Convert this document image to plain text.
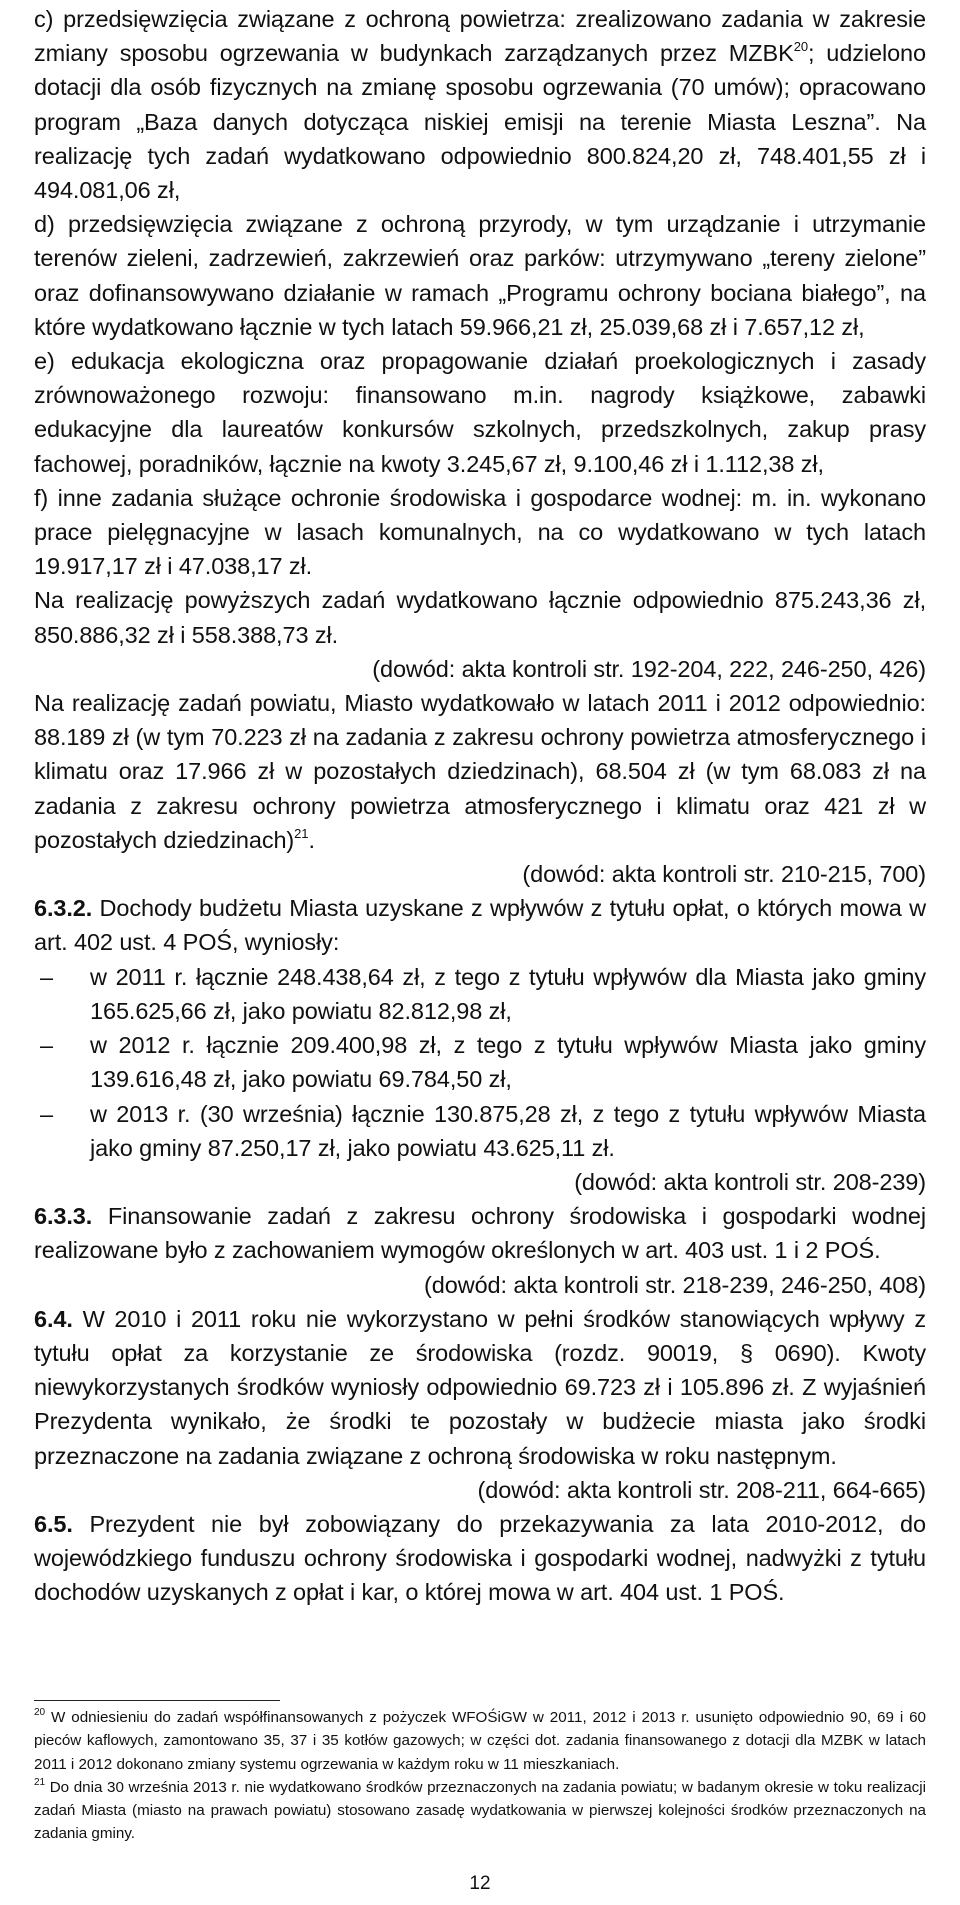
c) przedsięwzięcia związane z ochroną powietrza: zrealizowano zadania w zakresie zmiany sposobu ogrzewania w budynkach zarządzanych przez MZBK$^{20}$; udzielono dotacji dla osób fizycznych na zmianę sposobu ogrzewania (70 umów); opracowano program „Baza danych dotycząca niskiej emisji na terenie Miasta Leszna”. Na realizację tych zadań wydatkowano odpowiednio 800.824,20 zł, 748.401,55 zł i 494.081,06 zł,

d) przedsięwzięcia związane z ochroną przyrody, w tym urządzanie i utrzymanie terenów zieleni, zadrzewień, zakrzewień oraz parków: utrzymywano „tereny zielone” oraz dofinansowywano działanie w ramach „Programu ochrony bociana białego”, na które wydatkowano łącznie w tych latach 59.966,21 zł, 25.039,68 zł i 7.657,12 zł,

e) edukacja ekologiczna oraz propagowanie działań proekologicznych i zasady zrównoważonego rozwoju: finansowano m.in. nagrody książkowe, zabawki edukacyjne dla laureatów konkursów szkolnych, przedszkolnych, zakup prasy fachowej, poradników, łącznie na kwoty 3.245,67 zł, 9.100,46 zł i 1.112,38 zł,

f) inne zadania służące ochronie środowiska i gospodarce wodnej: m. in. wykonano prace pielęgnacyjne w lasach komunalnych, na co wydatkowano w tych latach 19.917,17 zł i 47.038,17 zł.

Na realizację powyższych zadań wydatkowano łącznie odpowiednio 875.243,36 zł, 850.886,32 zł i 558.388,73 zł.

(dowód: akta kontroli str. 192-204, 222, 246-250, 426)

Na realizację zadań powiatu, Miasto wydatkowało w latach 2011 i 2012 odpowiednio: 88.189 zł (w tym 70.223 zł na zadania z zakresu ochrony powietrza atmosferycznego i klimatu oraz 17.966 zł w pozostałych dziedzinach), 68.504 zł (w tym 68.083 zł na zadania z zakresu ochrony powietrza atmosferycznego i klimatu oraz 421 zł w pozostałych dziedzinach)$^{21}$.

(dowód: akta kontroli str. 210-215, 700)

6.3.2. Dochody budżetu Miasta uzyskane z wpływów z tytułu opłat, o których mowa w art. 402 ust. 4 POŚ, wyniosły:

–	w 2011 r. łącznie 248.438,64 zł, z tego z tytułu wpływów dla Miasta jako gminy 165.625,66 zł, jako powiatu 82.812,98 zł,
–	w 2012 r. łącznie 209.400,98 zł, z tego z tytułu wpływów Miasta jako gminy 139.616,48 zł, jako powiatu 69.784,50 zł,
–	w 2013 r. (30 września) łącznie 130.875,28 zł, z tego z tytułu wpływów Miasta jako gminy 87.250,17 zł, jako powiatu 43.625,11 zł.

(dowód: akta kontroli str. 208-239)

6.3.3. Finansowanie zadań z zakresu ochrony środowiska i gospodarki wodnej realizowane było z zachowaniem wymogów określonych w art. 403 ust. 1 i 2 POŚ.

(dowód: akta kontroli str. 218-239, 246-250, 408)

6.4. W 2010 i 2011 roku nie wykorzystano w pełni środków stanowiących wpływy z tytułu opłat za korzystanie ze środowiska (rozdz. 90019, § 0690). Kwoty niewykorzystanych środków wyniosły odpowiednio 69.723 zł i 105.896 zł. Z wyjaśnień Prezydenta wynikało, że środki te pozostały w budżecie miasta jako środki przeznaczone na zadania związane z ochroną środowiska w roku następnym.

(dowód: akta kontroli str. 208-211, 664-665)

6.5. Prezydent nie był zobowiązany do przekazywania za lata 2010-2012, do wojewódzkiego funduszu ochrony środowiska i gospodarki wodnej, nadwyżki z tytułu dochodów uzyskanych z opłat i kar, o której mowa w art. 404 ust. 1 POŚ.

$^{20}$ W odniesieniu do zadań współfinansowanych z pożyczek WFOŚiGW w 2011, 2012 i 2013 r. usunięto odpowiednio 90, 69 i 60 pieców kaflowych, zamontowano 35, 37 i 35 kotłów gazowych; w części dot. zadania finansowanego z dotacji dla MZBK w latach 2011 i 2012 dokonano zmiany systemu ogrzewania w każdym roku w 11 mieszkaniach.

$^{21}$ Do dnia 30 września 2013 r. nie wydatkowano środków przeznaczonych na zadania powiatu; w badanym okresie w toku realizacji zadań Miasta (miasto na prawach powiatu) stosowano zasadę wydatkowania w pierwszej kolejności środków przeznaczonych na zadania gminy.

12
